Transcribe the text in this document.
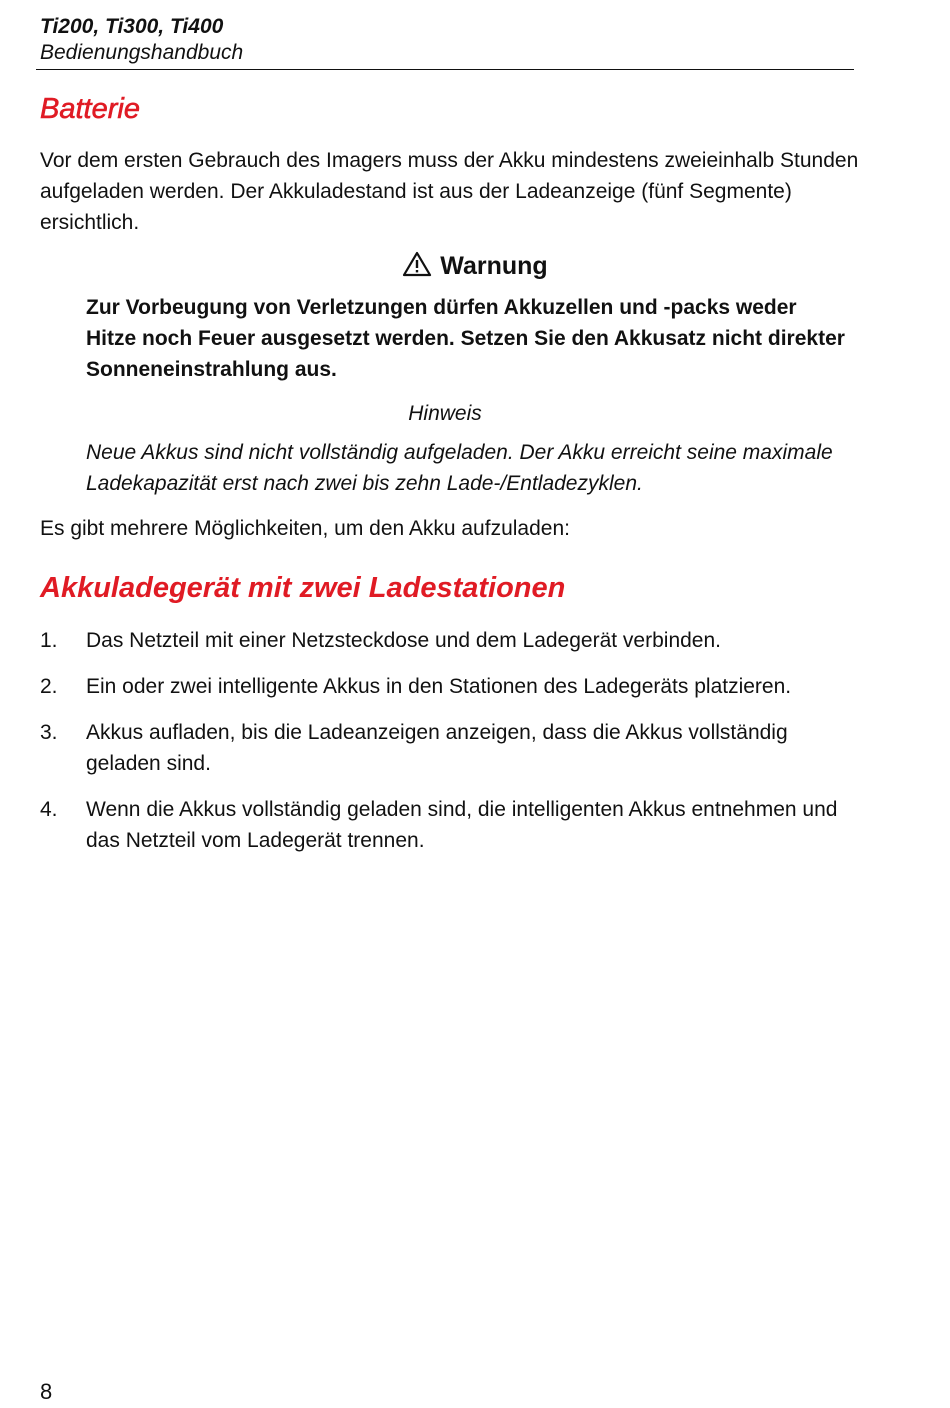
Ti200, Ti300, Ti400
Bedienungshandbuch
Batterie

Vor dem ersten Gebrauch des Imagers muss der Akku mindestens zweieinhalb Stunden aufgeladen werden. Der Akkuladestand ist aus der Ladeanzeige (fünf Segmente) ersichtlich.

Warnung

Zur Vorbeugung von Verletzungen dürfen Akkuzellen und -packs weder Hitze noch Feuer ausgesetzt werden. Setzen Sie den Akkusatz nicht direkter Sonneneinstrahlung aus.

Hinweis

Neue Akkus sind nicht vollständig aufgeladen. Der Akku erreicht seine maximale Ladekapazität erst nach zwei bis zehn Lade-/Entladezyklen.

Es gibt mehrere Möglichkeiten, um den Akku aufzuladen:

Akkuladegerät mit zwei Ladestationen
1. Das Netzteil mit einer Netzsteckdose und dem Ladegerät verbinden.
2. Ein oder zwei intelligente Akkus in den Stationen des Ladegeräts platzieren.
3. Akkus aufladen, bis die Ladeanzeigen anzeigen, dass die Akkus vollständig geladen sind.
4. Wenn die Akkus vollständig geladen sind, die intelligenten Akkus entnehmen und das Netzteil vom Ladegerät trennen.
8
